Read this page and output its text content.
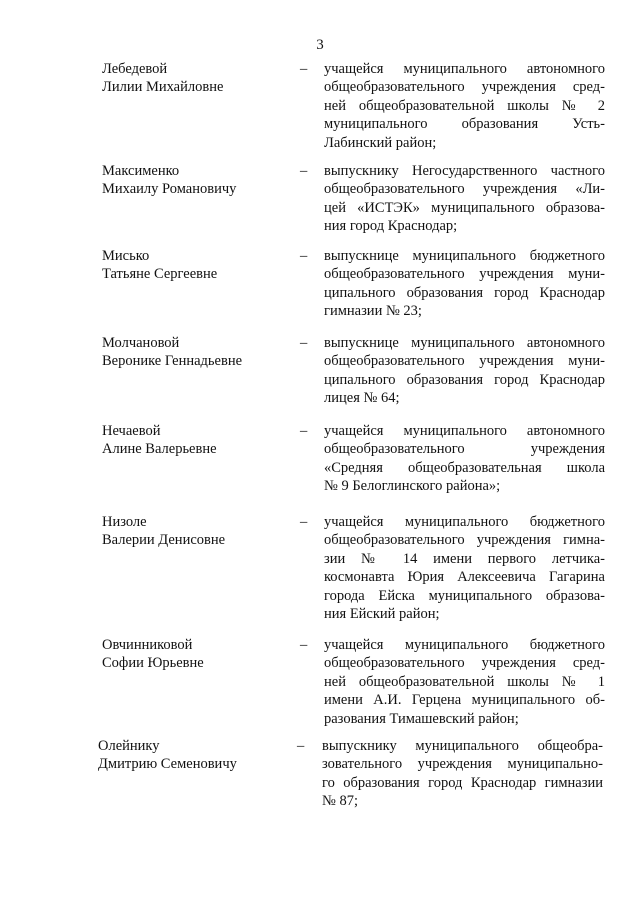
3
Лебедевой
Лилии Михайловне
– учащейся муниципального автономного
общеобразовательного учреждения сред-
ней общеобразовательной школы № 2
муниципального образования Усть-
Лабинский район;
Максименко
Михаилу Романовичу
– выпускнику Негосударственного частного
общеобразовательного учреждения «Ли-
цей «ИСТЭК» муниципального образова-
ния город Краснодар;
Мисько
Татьяне Сергеевне
– выпускнице муниципального бюджетного
общеобразовательного учреждения муни-
ципального образования город Краснодар
гимназии № 23;
Молчановой
Веронике Геннадьевне
– выпускнице муниципального автономного
общеобразовательного учреждения муни-
ципального образования город Краснодар
лицея № 64;
Нечаевой
Алине Валерьевне
– учащейся муниципального автономного
общеобразовательного учреждения
«Средняя общеобразовательная школа
№ 9 Белоглинского района»;
Низоле
Валерии Денисовне
– учащейся муниципального бюджетного
общеобразовательного учреждения гимна-
зии № 14 имени первого летчика-
космонавта Юрия Алексеевича Гагарина
города Ейска муниципального образова-
ния Ейский район;
Овчинниковой
Софии Юрьевне
– учащейся муниципального бюджетного
общеобразовательного учреждения сред-
ней общеобразовательной школы № 1
имени А.И. Герцена муниципального об-
разования Тимашевский район;
Олейнику
Дмитрию Семеновичу
– выпускнику муниципального общеобра-
зовательного учреждения муниципально-
го образования город Краснодар гимназии
№ 87;
